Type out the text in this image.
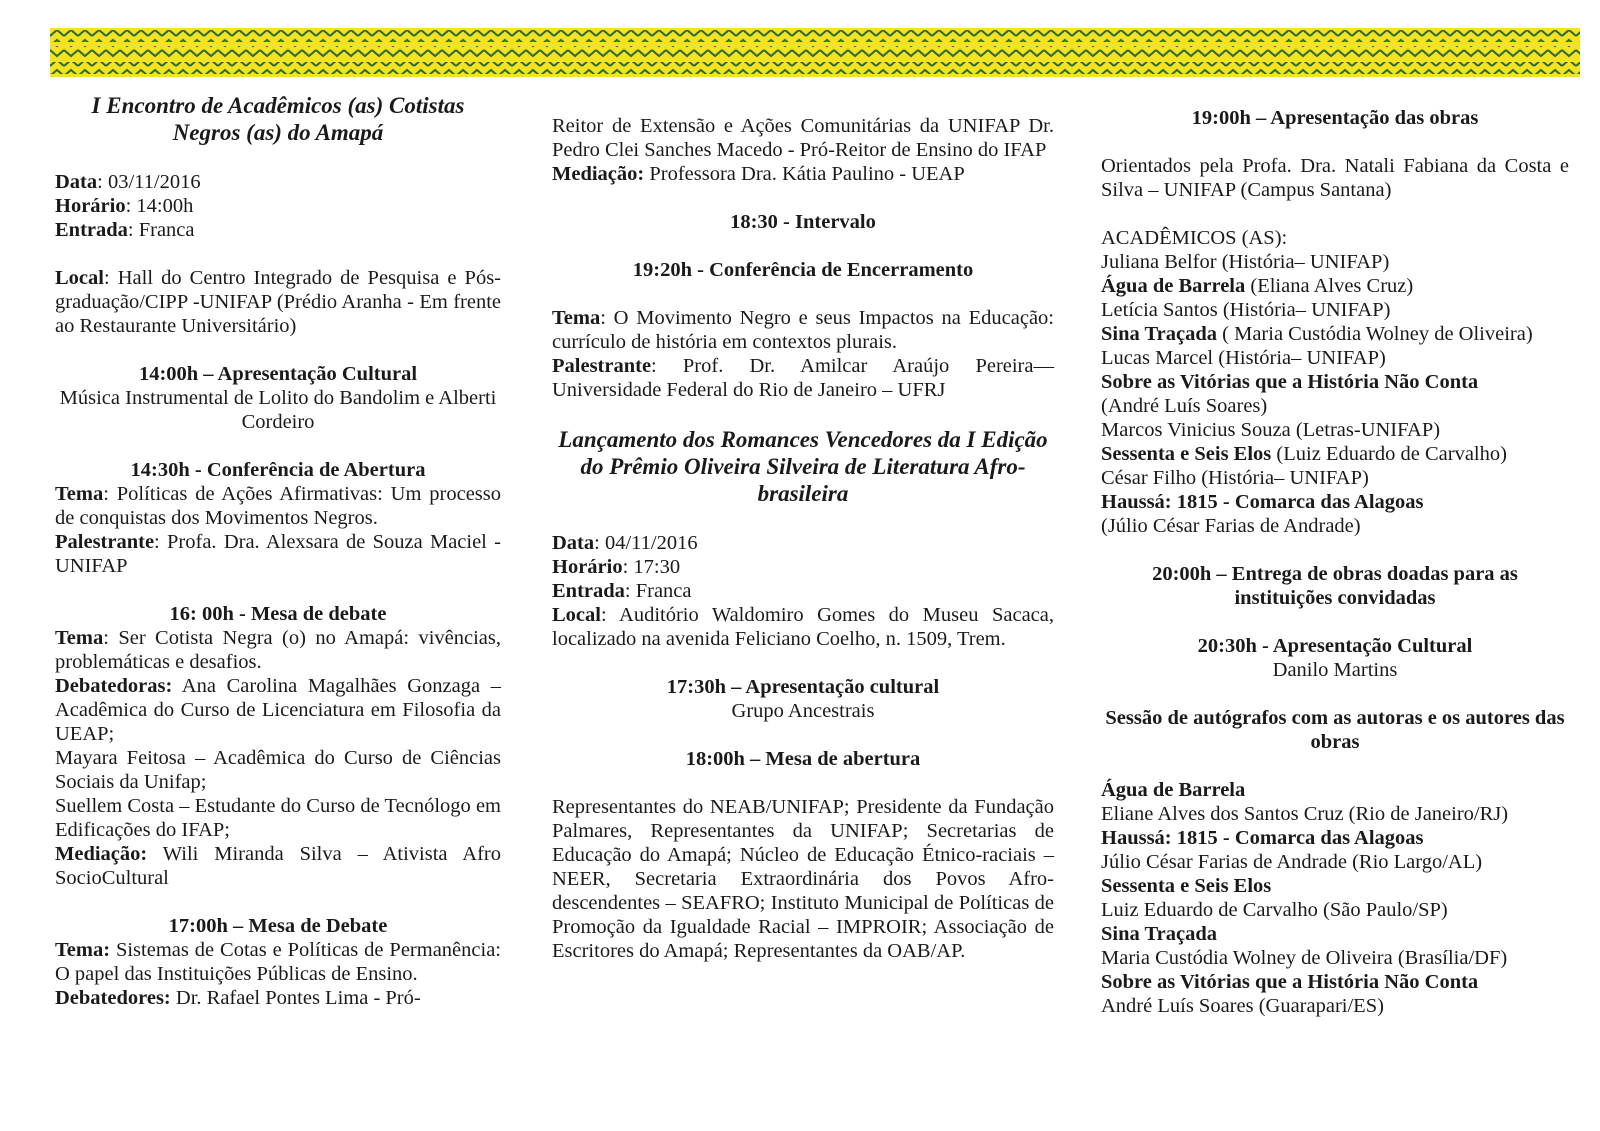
I Encontro de Acadêmicos (as) Cotistas Negros (as) do Amapá

Data: 03/11/2016

Horário: 14:00h

Entrada: Franca

Local: Hall do Centro Integrado de Pesquisa e Pós-graduação/CIPP -UNIFAP (Prédio Aranha - Em frente ao Restaurante Universitário)

14:00h – Apresentação Cultural

Música Instrumental de Lolito do Bandolim e Alberti Cordeiro

14:30h - Conferência de Abertura

Tema: Políticas de Ações Afirmativas: Um processo de conquistas dos Movimentos Negros.

Palestrante: Profa. Dra. Alexsara de Souza Maciel - UNIFAP

16: 00h - Mesa de debate

Tema: Ser Cotista Negra (o) no Amapá: vivências, problemáticas e desafios.

Debatedoras: Ana Carolina Magalhães Gonzaga – Acadêmica do Curso de Licenciatura em Filosofia da UEAP;

Mayara Feitosa – Acadêmica do Curso de Ciências Sociais da Unifap;

Suellem Costa – Estudante do Curso de Tecnólogo em Edificações do IFAP;

Mediação: Wili Miranda Silva – Ativista Afro SocioCultural

17:00h – Mesa de Debate

Tema: Sistemas de Cotas e Políticas de Permanência: O papel das Instituições Públicas de Ensino.

Debatedores: Dr. Rafael Pontes Lima - Pró-

Reitor de Extensão e Ações Comunitárias da UNIFAP Dr. Pedro Clei Sanches Macedo - Pró-Reitor de Ensino do IFAP

Mediação: Professora Dra. Kátia Paulino - UEAP

18:30 - Intervalo

19:20h - Conferência de Encerramento

Tema: O Movimento Negro e seus Impactos na Educação: currículo de história em contextos plurais.

Palestrante: Prof. Dr. Amilcar Araújo Pereira— Universidade Federal do Rio de Janeiro – UFRJ

Lançamento dos Romances Vencedores da I Edição do Prêmio Oliveira Silveira de Literatura Afro-brasileira

Data: 04/11/2016

Horário: 17:30

Entrada: Franca

Local: Auditório Waldomiro Gomes do Museu Sacaca, localizado na avenida Feliciano Coelho, n. 1509, Trem.

17:30h – Apresentação cultural

Grupo Ancestrais

18:00h – Mesa de abertura

Representantes do NEAB/UNIFAP; Presidente da Fundação Palmares, Representantes da UNIFAP; Secretarias de Educação do Amapá; Núcleo de Educação Étnico-raciais – NEER, Secretaria Extraordinária dos Povos Afro-descendentes – SEAFRO; Instituto Municipal de Políticas de Promoção da Igualdade Racial – IMPROIR; Associação de Escritores do Amapá; Representantes da OAB/AP.

19:00h – Apresentação das obras

Orientados pela Profa. Dra. Natali Fabiana da Costa e Silva – UNIFAP (Campus Santana)

ACADÊMICOS (AS):

Juliana Belfor (História– UNIFAP)

Água de Barrela (Eliana Alves Cruz)

Letícia Santos (História– UNIFAP)

Sina Traçada ( Maria Custódia Wolney de Oliveira)

Lucas Marcel (História– UNIFAP)

Sobre as Vitórias que a História Não Conta

(André Luís Soares)

Marcos Vinicius Souza (Letras-UNIFAP)

Sessenta e Seis Elos (Luiz Eduardo de Carvalho)

César Filho (História– UNIFAP)

Haussá: 1815 - Comarca das Alagoas

(Júlio César Farias de Andrade)

20:00h – Entrega de obras doadas para as instituições convidadas

20:30h - Apresentação Cultural

Danilo Martins

Sessão de autógrafos com as autoras e os autores das obras

Água de Barrela

Eliane Alves dos Santos Cruz (Rio de Janeiro/RJ)

Haussá: 1815 - Comarca das Alagoas

Júlio César Farias de Andrade (Rio Largo/AL)

Sessenta e Seis Elos

Luiz Eduardo de Carvalho (São Paulo/SP)

Sina Traçada

Maria Custódia Wolney de Oliveira (Brasília/DF)

Sobre as Vitórias que a História Não Conta

André Luís Soares (Guarapari/ES)
